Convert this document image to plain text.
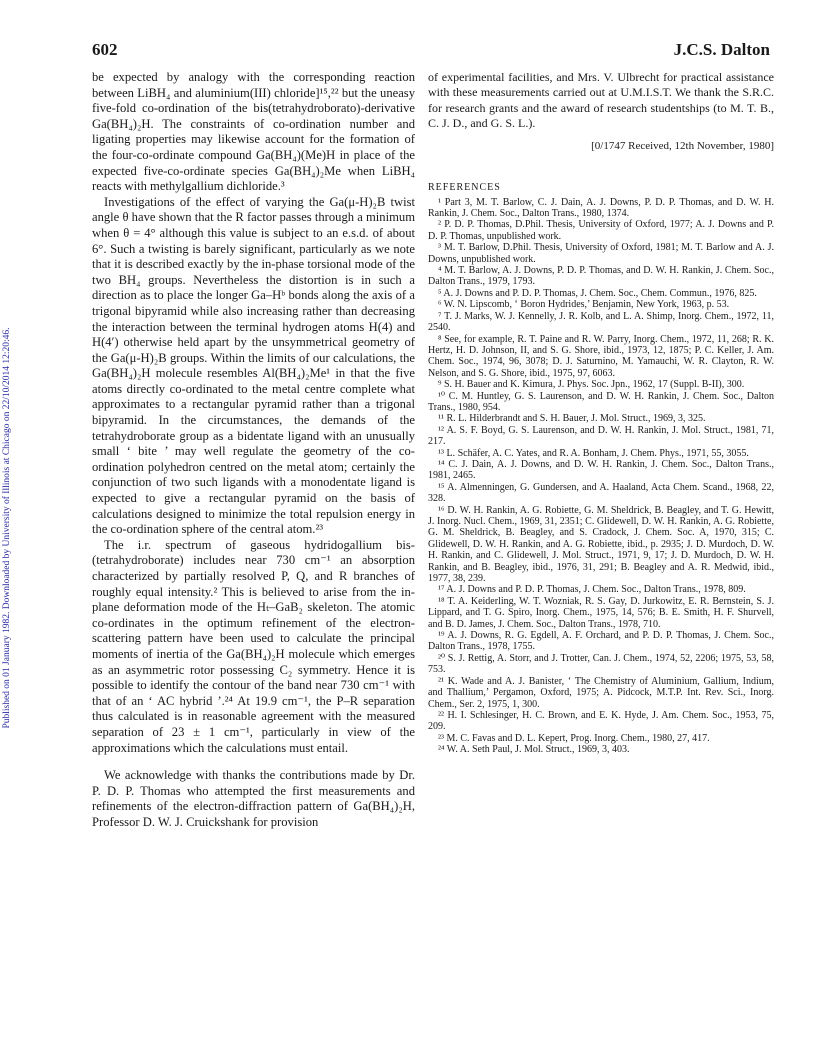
602	J.C.S. Dalton
Published on 01 January 1982. Downloaded by University of Illinois at Chicago on 22/10/2014 12:20:46.

be expected by analogy with the corresponding reaction between LiBH₄ and aluminium(III) chloride]¹⁵,²² but the uneasy five-fold co-ordination of the bis(tetrahydroborato)-derivative Ga(BH₄)₂H. The constraints of co-ordination number and ligating properties may likewise account for the formation of the four-co-ordinate compound Ga(BH₄)(Me)H in place of the expected five-co-ordinate species Ga(BH₄)₂Me when LiBH₄ reacts with methylgallium dichloride.³

Investigations of the effect of varying the Ga(μ-H)₂B twist angle θ have shown that the R factor passes through a minimum when θ = 4° although this value is subject to an e.s.d. of about 6°. Such a twisting is barely significant, particularly as we note that it is described exactly by the in-phase torsional mode of the two BH₄ groups. Nevertheless the distortion is in such a direction as to place the longer Ga–Hᵇ bonds along the axis of a trigonal bipyramid while also increasing rather than decreasing the interaction between the terminal hydrogen atoms H(4) and H(4′) otherwise held apart by the unsymmetrical geometry of the Ga(μ-H)₂B groups. Within the limits of our calculations, the Ga(BH₄)₂H molecule resembles Al(BH₄)₂Me¹ in that the five atoms directly co-ordinated to the metal centre complete what approximates to a rectangular pyramid rather than a trigonal bipyramid. In the circumstances, the demands of the tetrahydroborate group as a bidentate ligand with an unusually small ‘ bite ’ may well regulate the geometry of the co-ordination polyhedron centred on the metal atom; certainly the conjunction of two such ligands with a monodentate ligand is expected to give a rectangular pyramid on the basis of calculations designed to minimize the total repulsion energy in the co-ordination sphere of the central atom.²³

The i.r. spectrum of gaseous hydridogallium bis-(tetrahydroborate) includes near 730 cm⁻¹ an absorption characterized by partially resolved P, Q, and R branches of roughly equal intensity.² This is believed to arise from the in-plane deformation mode of the Hₜ–GaB₂ skeleton. The atomic co-ordinates in the optimum refinement of the electron-scattering pattern have been used to calculate the principal moments of inertia of the Ga(BH₄)₂H molecule which emerges as an asymmetric rotor possessing C₂ symmetry. Hence it is possible to identify the contour of the band near 730 cm⁻¹ with that of an ‘ AC hybrid ’.²⁴ At 19.9 cm⁻¹, the P–R separation thus calculated is in reasonable agreement with the measured separation of 23 ± 1 cm⁻¹, particularly in view of the approximations which the calculations must entail.

We acknowledge with thanks the contributions made by Dr. P. D. P. Thomas who attempted the first measurements and refinements of the electron-diffraction pattern of Ga(BH₄)₂H, Professor D. W. J. Cruickshank for provision

of experimental facilities, and Mrs. V. Ulbrecht for practical assistance with these measurements carried out at U.M.I.S.T. We thank the S.R.C. for research grants and the award of research studentships (to M. T. B., C. J. D., and G. S. L.).

[0/1747 Received, 12th November, 1980]
REFERENCES

¹ Part 3, M. T. Barlow, C. J. Dain, A. J. Downs, P. D. P. Thomas, and D. W. H. Rankin, J. Chem. Soc., Dalton Trans., 1980, 1374.

² P. D. P. Thomas, D.Phil. Thesis, University of Oxford, 1977; A. J. Downs and P. D. P. Thomas, unpublished work.

³ M. T. Barlow, D.Phil. Thesis, University of Oxford, 1981; M. T. Barlow and A. J. Downs, unpublished work.

⁴ M. T. Barlow, A. J. Downs, P. D. P. Thomas, and D. W. H. Rankin, J. Chem. Soc., Dalton Trans., 1979, 1793.

⁵ A. J. Downs and P. D. P. Thomas, J. Chem. Soc., Chem. Commun., 1976, 825.

⁶ W. N. Lipscomb, ‘ Boron Hydrides,’ Benjamin, New York, 1963, p. 53.

⁷ T. J. Marks, W. J. Kennelly, J. R. Kolb, and L. A. Shimp, Inorg. Chem., 1972, 11, 2540.

⁸ See, for example, R. T. Paine and R. W. Parry, Inorg. Chem., 1972, 11, 268; R. K. Hertz, H. D. Johnson, II, and S. G. Shore, ibid., 1973, 12, 1875; P. C. Keller, J. Am. Chem. Soc., 1974, 96, 3078; D. J. Saturnino, M. Yamauchi, W. R. Clayton, R. W. Nelson, and S. G. Shore, ibid., 1975, 97, 6063.

⁹ S. H. Bauer and K. Kimura, J. Phys. Soc. Jpn., 1962, 17 (Suppl. B-II), 300.

¹⁰ C. M. Huntley, G. S. Laurenson, and D. W. H. Rankin, J. Chem. Soc., Dalton Trans., 1980, 954.

¹¹ R. L. Hilderbrandt and S. H. Bauer, J. Mol. Struct., 1969, 3, 325.

¹² A. S. F. Boyd, G. S. Laurenson, and D. W. H. Rankin, J. Mol. Struct., 1981, 71, 217.

¹³ L. Schäfer, A. C. Yates, and R. A. Bonham, J. Chem. Phys., 1971, 55, 3055.

¹⁴ C. J. Dain, A. J. Downs, and D. W. H. Rankin, J. Chem. Soc., Dalton Trans., 1981, 2465.

¹⁵ A. Almenningen, G. Gundersen, and A. Haaland, Acta Chem. Scand., 1968, 22, 328.

¹⁶ D. W. H. Rankin, A. G. Robiette, G. M. Sheldrick, B. Beagley, and T. G. Hewitt, J. Inorg. Nucl. Chem., 1969, 31, 2351; C. Glidewell, D. W. H. Rankin, A. G. Robiette, G. M. Sheldrick, B. Beagley, and S. Cradock, J. Chem. Soc. A, 1970, 315; C. Glidewell, D. W. H. Rankin, and A. G. Robiette, ibid., p. 2935; J. D. Murdoch, D. W. H. Rankin, and C. Glidewell, J. Mol. Struct., 1971, 9, 17; J. D. Murdoch, D. W. H. Rankin, and B. Beagley, ibid., 1976, 31, 291; B. Beagley and A. R. Medwid, ibid., 1977, 38, 239.

¹⁷ A. J. Downs and P. D. P. Thomas, J. Chem. Soc., Dalton Trans., 1978, 809.

¹⁸ T. A. Keiderling, W. T. Wozniak, R. S. Gay, D. Jurkowitz, E. R. Bernstein, S. J. Lippard, and T. G. Spiro, Inorg. Chem., 1975, 14, 576; B. E. Smith, H. F. Shurvell, and B. D. James, J. Chem. Soc., Dalton Trans., 1978, 710.

¹⁹ A. J. Downs, R. G. Egdell, A. F. Orchard, and P. D. P. Thomas, J. Chem. Soc., Dalton Trans., 1978, 1755.

²⁰ S. J. Rettig, A. Storr, and J. Trotter, Can. J. Chem., 1974, 52, 2206; 1975, 53, 58, 753.

²¹ K. Wade and A. J. Banister, ‘ The Chemistry of Aluminium, Gallium, Indium, and Thallium,’ Pergamon, Oxford, 1975; A. Pidcock, M.T.P. Int. Rev. Sci., Inorg. Chem., Ser. 2, 1975, 1, 300.

²² H. I. Schlesinger, H. C. Brown, and E. K. Hyde, J. Am. Chem. Soc., 1953, 75, 209.

²³ M. C. Favas and D. L. Kepert, Prog. Inorg. Chem., 1980, 27, 417.

²⁴ W. A. Seth Paul, J. Mol. Struct., 1969, 3, 403.
